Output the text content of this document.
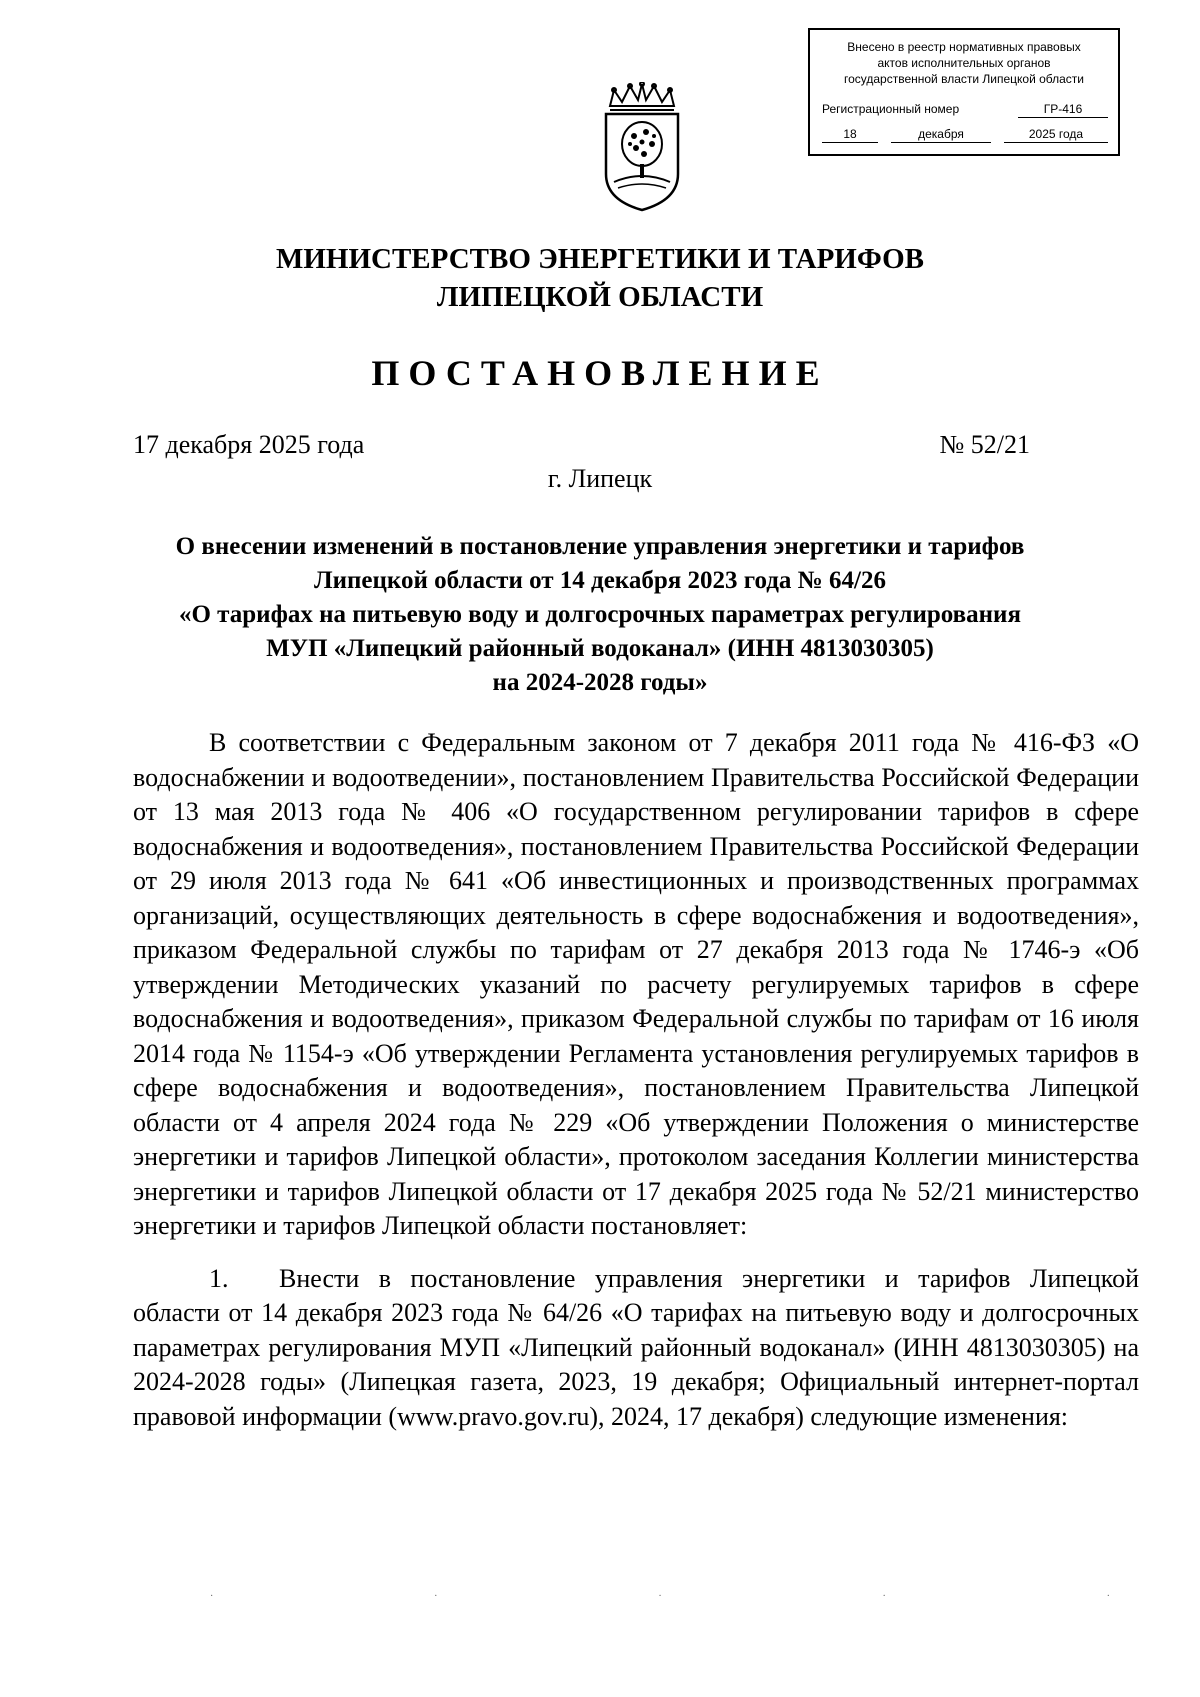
Внесено в реестр нормативных правовых
актов исполнительных органов
государственной власти Липецкой области
Регистрационный номер	ГР-416
18	декабря	2025 года
МИНИСТЕРСТВО ЭНЕРГЕТИКИ И ТАРИФОВ
ЛИПЕЦКОЙ ОБЛАСТИ
ПОСТАНОВЛЕНИЕ
17 декабря 2025 года	№ 52/21
г. Липецк
О внесении изменений в постановление управления энергетики и тарифов
Липецкой области от 14 декабря 2023 года № 64/26
«О тарифах на питьевую воду и долгосрочных параметрах регулирования
МУП «Липецкий районный водоканал» (ИНН 4813030305)
на 2024-2028 годы»

В соответствии с Федеральным законом от 7 декабря 2011 года № 416-ФЗ «О водоснабжении и водоотведении», постановлением Правительства Российской Федерации от 13 мая 2013 года № 406 «О государственном регулировании тарифов в сфере водоснабжения и водоотведения», постановлением Правительства Российской Федерации от 29 июля 2013 года № 641 «Об инвестиционных и производственных программах организаций, осуществляющих деятельность в сфере водоснабжения и водоотведения», приказом Федеральной службы по тарифам от 27 декабря 2013 года № 1746-э «Об утверждении Методических указаний по расчету регулируемых тарифов в сфере водоснабжения и водоотведения», приказом Федеральной службы по тарифам от 16 июля 2014 года № 1154-э «Об утверждении Регламента установления регулируемых тарифов в сфере водоснабжения и водоотведения», постановлением Правительства Липецкой области от 4 апреля 2024 года № 229 «Об утверждении Положения о министерстве энергетики и тарифов Липецкой области», протоколом заседания Коллегии министерства энергетики и тарифов Липецкой области от 17 декабря 2025 года № 52/21 министерство энергетики и тарифов Липецкой области постановляет:

1. Внести в постановление управления энергетики и тарифов Липецкой области от 14 декабря 2023 года № 64/26 «О тарифах на питьевую воду и долгосрочных параметрах регулирования МУП «Липецкий районный водоканал» (ИНН 4813030305) на 2024-2028 годы» (Липецкая газета, 2023, 19 декабря; Официальный интернет-портал правовой информации (www.pravo.gov.ru), 2024, 17 декабря) следующие изменения:

·	·	·	·	·
